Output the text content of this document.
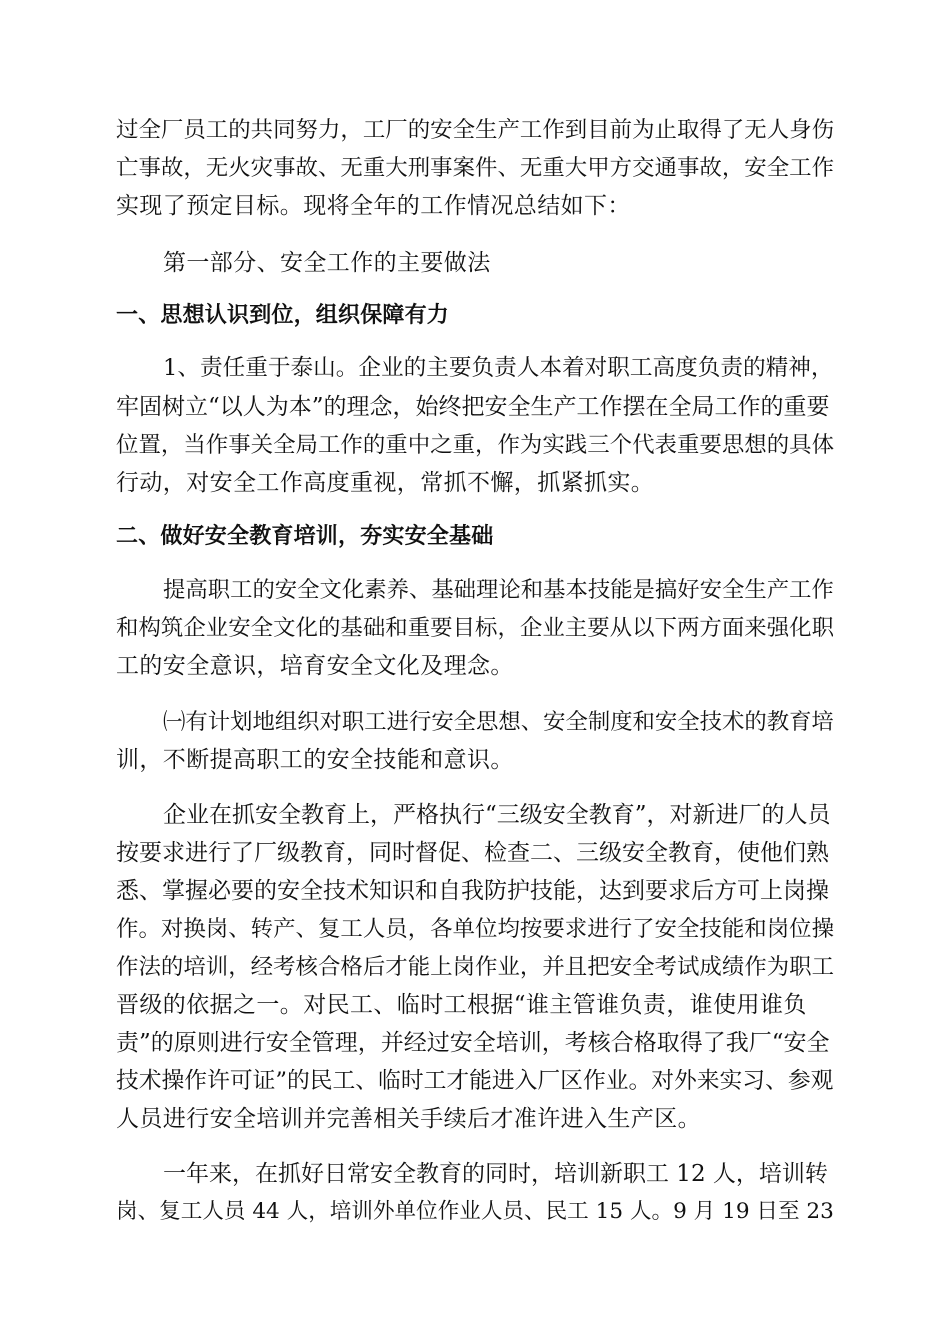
过全厂员工的共同努力，工厂的安全生产工作到目前为止取得了无人身伤
亡事故，无火灾事故、无重大刑事案件、无重大甲方交通事故，安全工作
实现了预定目标。现将全年的工作情况总结如下：
第一部分、安全工作的主要做法
一、思想认识到位，组织保障有力
1、责任重于泰山。企业的主要负责人本着对职工高度负责的精神，
牢固树立“以人为本”的理念，始终把安全生产工作摆在全局工作的重要
位置，当作事关全局工作的重中之重，作为实践三个代表重要思想的具体
行动，对安全工作高度重视，常抓不懈，抓紧抓实。
二、做好安全教育培训，夯实安全基础
提高职工的安全文化素养、基础理论和基本技能是搞好安全生产工作
和构筑企业安全文化的基础和重要目标，企业主要从以下两方面来强化职
工的安全意识，培育安全文化及理念。
㈠有计划地组织对职工进行安全思想、安全制度和安全技术的教育培
训，不断提高职工的安全技能和意识。
企业在抓安全教育上，严格执行“三级安全教育”，对新进厂的人员
按要求进行了厂级教育，同时督促、检查二、三级安全教育，使他们熟
悉、掌握必要的安全技术知识和自我防护技能，达到要求后方可上岗操
作。对换岗、转产、复工人员，各单位均按要求进行了安全技能和岗位操
作法的培训，经考核合格后才能上岗作业，并且把安全考试成绩作为职工
晋级的依据之一。对民工、临时工根据“谁主管谁负责，谁使用谁负
责”的原则进行安全管理，并经过安全培训，考核合格取得了我厂“安全
技术操作许可证”的民工、临时工才能进入厂区作业。对外来实习、参观
人员进行安全培训并完善相关手续后才准许进入生产区。
一年来，在抓好日常安全教育的同时，培训新职工 12 人，培训转
岗、复工人员 44 人，培训外单位作业人员、民工 15 人。9 月 19 日至 23
